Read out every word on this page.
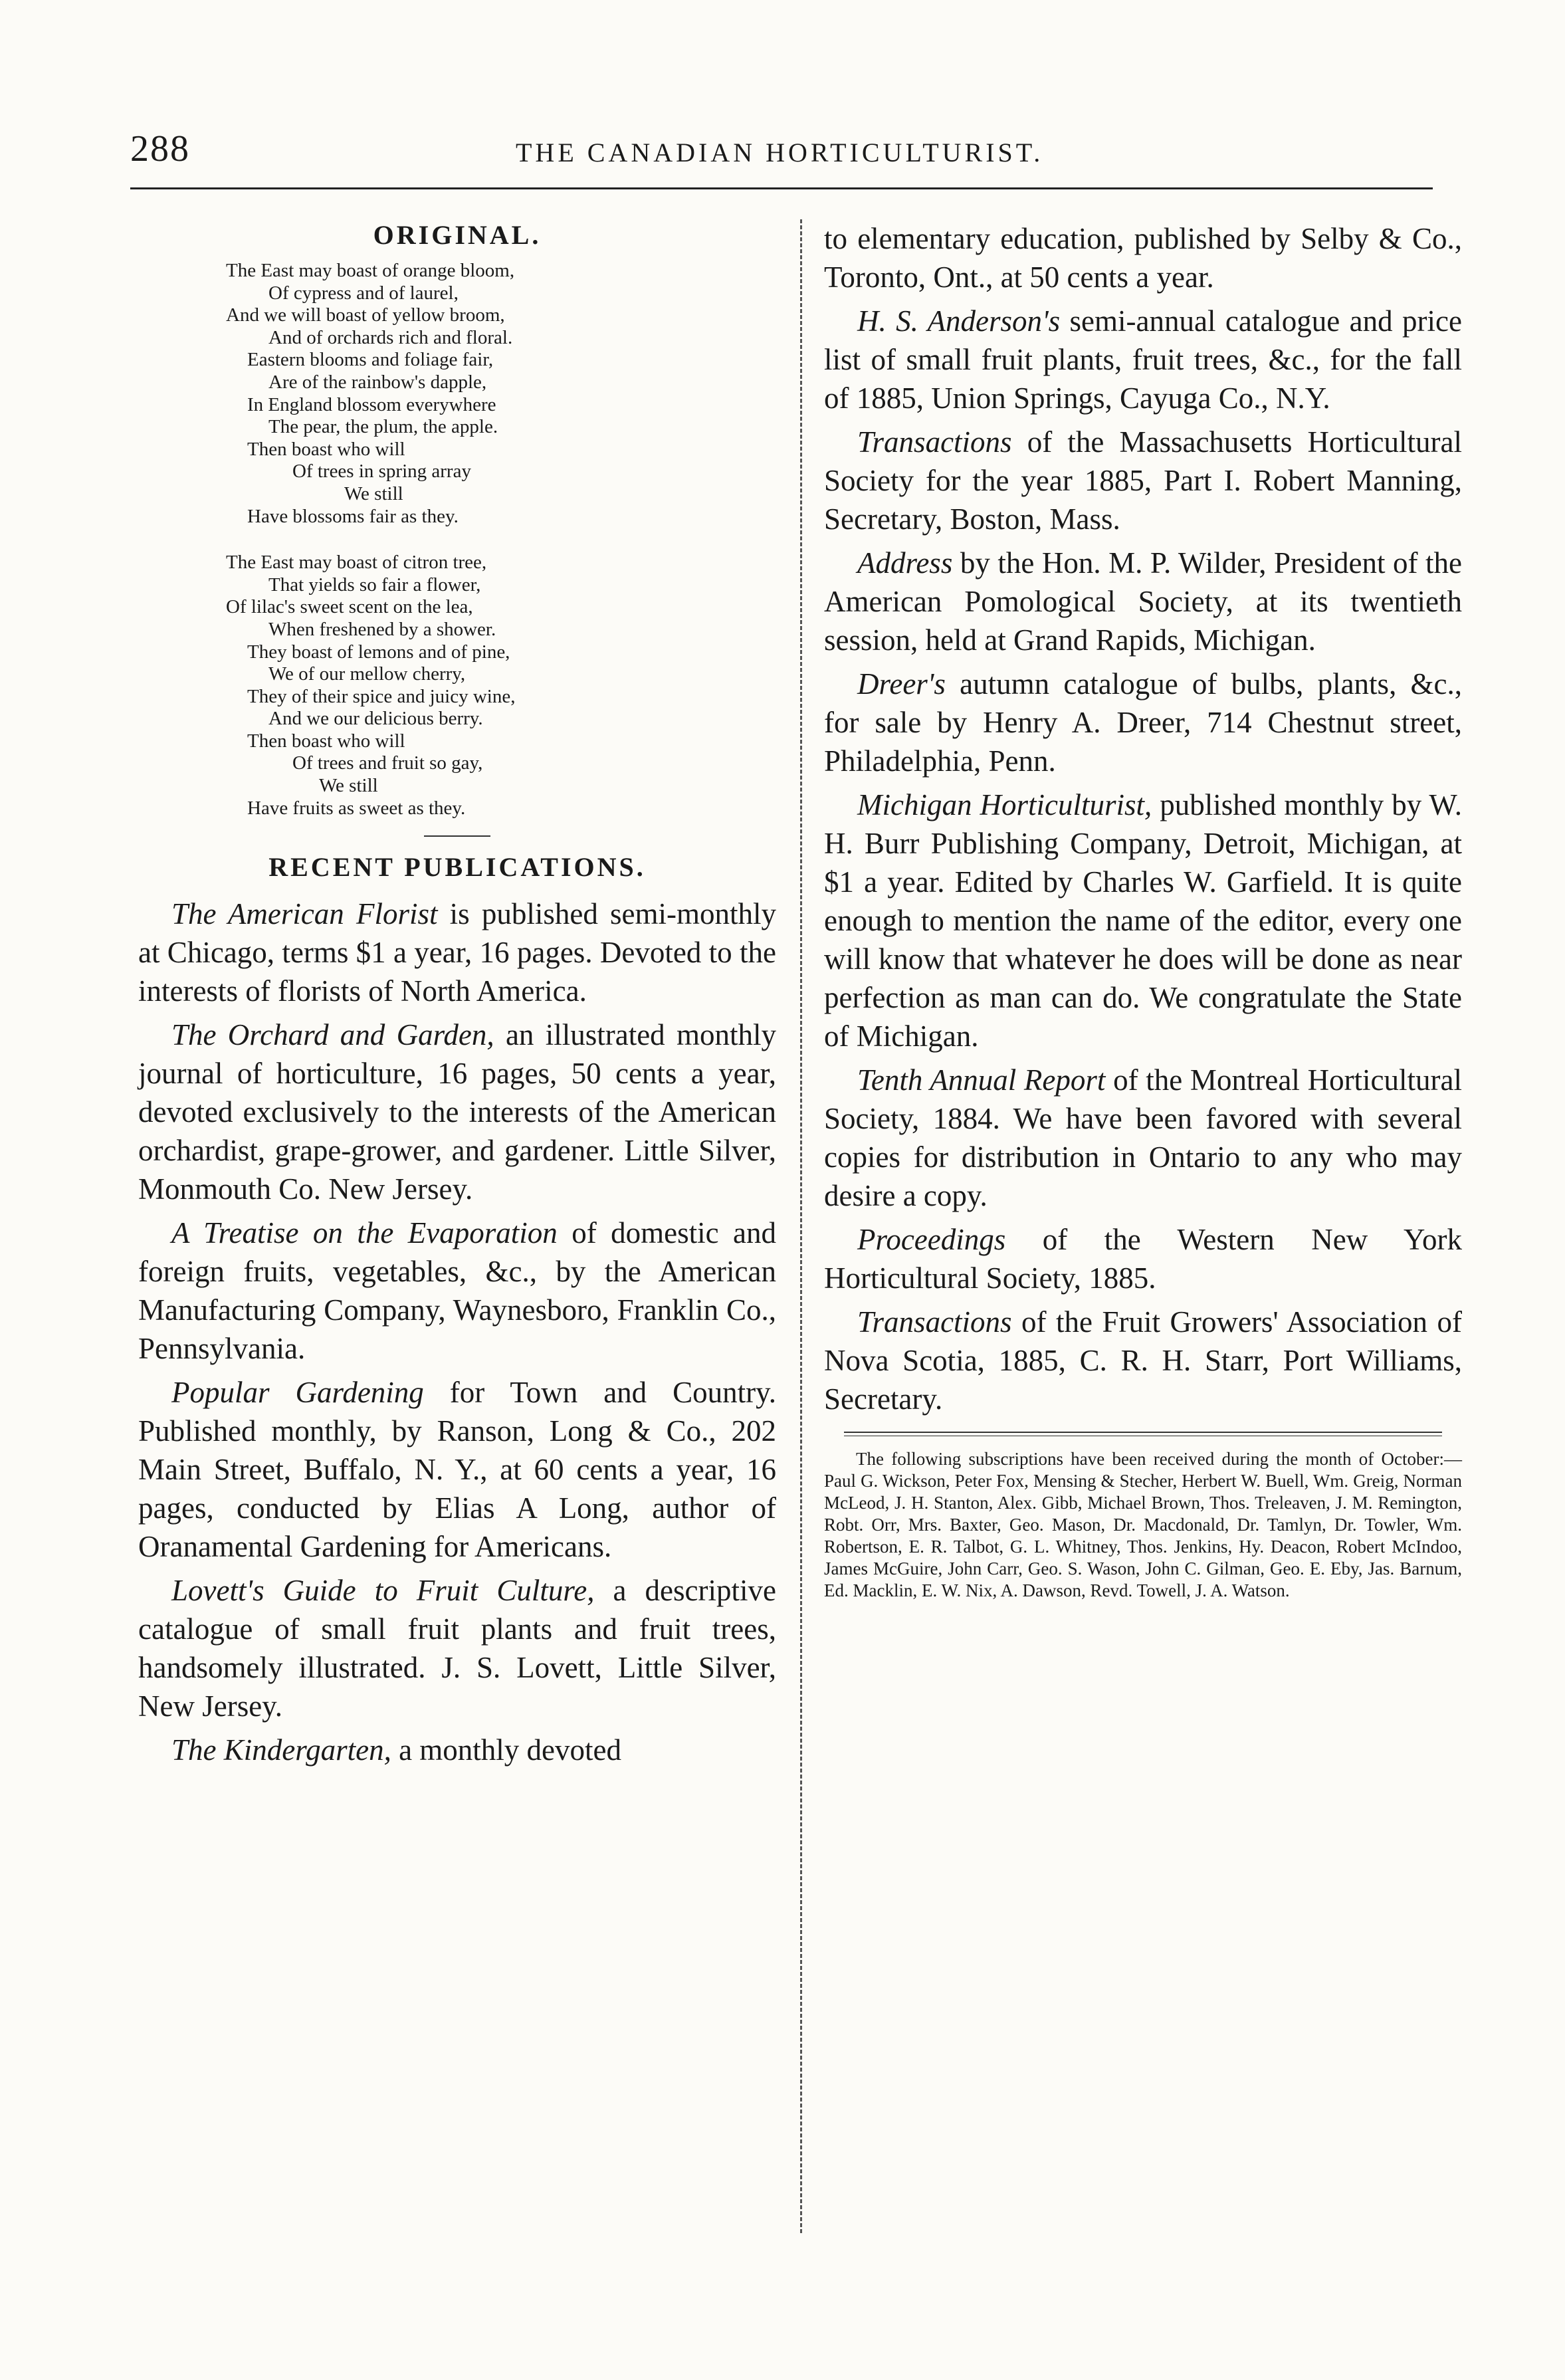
288	THE CANADIAN HORTICULTURIST.
ORIGINAL.
The East may boast of orange bloom,
Of cypress and of laurel,
And we will boast of yellow broom,
And of orchards rich and floral.
Eastern blooms and foliage fair,
Are of the rainbow's dapple,
In England blossom everywhere
The pear, the plum, the apple.
Then boast who will
Of trees in spring array
We still
Have blossoms fair as they.
The East may boast of citron tree,
That yields so fair a flower,
Of lilac's sweet scent on the lea,
When freshened by a shower.
They boast of lemons and of pine,
We of our mellow cherry,
They of their spice and juicy wine,
And we our delicious berry.
Then boast who will
Of trees and fruit so gay,
We still
Have fruits as sweet as they.
RECENT PUBLICATIONS.

The American Florist is published semi-monthly at Chicago, terms $1 a year, 16 pages. Devoted to the interests of florists of North America.

The Orchard and Garden, an illustrated monthly journal of horticulture, 16 pages, 50 cents a year, devoted exclusively to the interests of the American orchardist, grape-grower, and gardener. Little Silver, Monmouth Co. New Jersey.

A Treatise on the Evaporation of domestic and foreign fruits, vegetables, &c., by the American Manufacturing Company, Waynesboro, Franklin Co., Pennsylvania.

Popular Gardening for Town and Country. Published monthly, by Ranson, Long & Co., 202 Main Street, Buffalo, N. Y., at 60 cents a year, 16 pages, conducted by Elias A Long, author of Oranamental Gardening for Americans.

Lovett's Guide to Fruit Culture, a descriptive catalogue of small fruit plants and fruit trees, handsomely illustrated. J. S. Lovett, Little Silver, New Jersey.

The Kindergarten, a monthly devoted

to elementary education, published by Selby & Co., Toronto, Ont., at 50 cents a year.

H. S. Anderson's semi-annual catalogue and price list of small fruit plants, fruit trees, &c., for the fall of 1885, Union Springs, Cayuga Co., N.Y.

Transactions of the Massachusetts Horticultural Society for the year 1885, Part I. Robert Manning, Secretary, Boston, Mass.

Address by the Hon. M. P. Wilder, President of the American Pomological Society, at its twentieth session, held at Grand Rapids, Michigan.

Dreer's autumn catalogue of bulbs, plants, &c., for sale by Henry A. Dreer, 714 Chestnut street, Philadelphia, Penn.

Michigan Horticulturist, published monthly by W. H. Burr Publishing Company, Detroit, Michigan, at $1 a year. Edited by Charles W. Garfield. It is quite enough to mention the name of the editor, every one will know that whatever he does will be done as near perfection as man can do. We congratulate the State of Michigan.

Tenth Annual Report of the Montreal Horticultural Society, 1884. We have been favored with several copies for distribution in Ontario to any who may desire a copy.

Proceedings of the Western New York Horticultural Society, 1885.

Transactions of the Fruit Growers' Association of Nova Scotia, 1885, C. R. H. Starr, Port Williams, Secretary.

The following subscriptions have been received during the month of October:—Paul G. Wickson, Peter Fox, Mensing & Stecher, Herbert W. Buell, Wm. Greig, Norman McLeod, J. H. Stanton, Alex. Gibb, Michael Brown, Thos. Treleaven, J. M. Remington, Robt. Orr, Mrs. Baxter, Geo. Mason, Dr. Macdonald, Dr. Tamlyn, Dr. Towler, Wm. Robertson, E. R. Talbot, G. L. Whitney, Thos. Jenkins, Hy. Deacon, Robert McIndoo, James McGuire, John Carr, Geo. S. Wason, John C. Gilman, Geo. E. Eby, Jas. Barnum, Ed. Macklin, E. W. Nix, A. Dawson, Revd. Towell, J. A. Watson.
